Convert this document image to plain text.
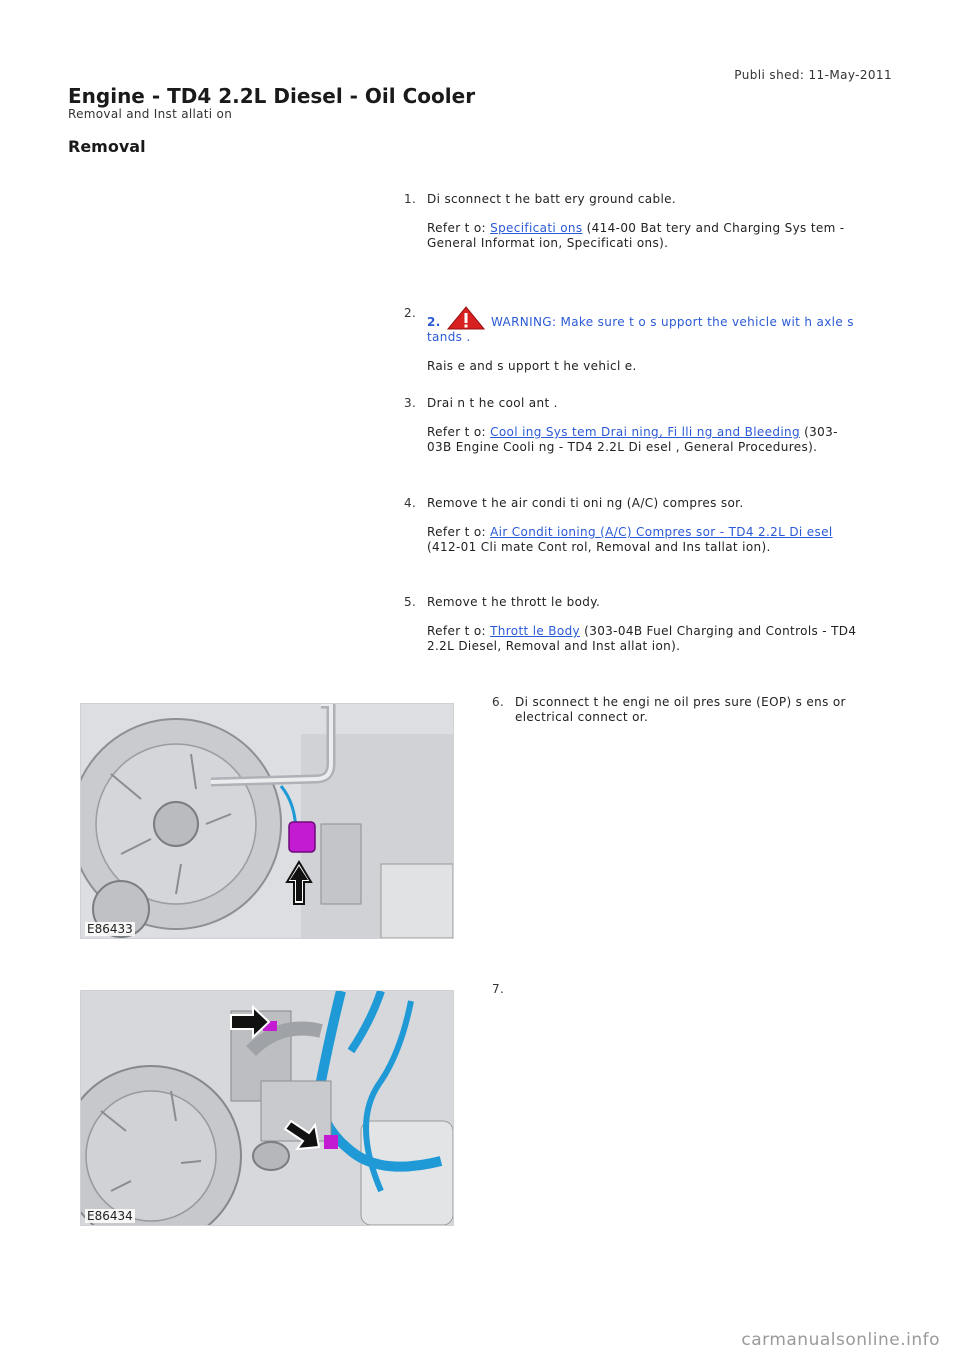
Publi shed: 11-May-2011
Engine - TD4 2.2L Diesel - Oil Cooler
Removal and Inst allati on
Removal
1. Di sconnect t he batt ery ground cable.

Refer t o: Specificati ons (414-00 Bat tery and Charging Sys tem - General Informat ion, Specificati ons).

2.

2.	WARNING: Make sure t o s upport the vehicle wit h axle s tands .

Rais e and s upport t he vehicl e.

3. Drai n t he cool ant .

Refer t o: Cool ing Sys tem Drai ning, Fi lli ng and Bleeding (303-03B Engine Cooli ng - TD4 2.2L Di esel , General Procedures).

4. Remove t he air condi ti oni ng (A/C) compres sor.

Refer t o: Air Condit ioning (A/C) Compres sor - TD4 2.2L Di esel
(412-01 Cli mate Cont rol, Removal and Ins tallat ion).

5. Remove t he thrott le body.

Refer t o: Thrott le Body (303-04B Fuel Charging and Controls - TD4 2.2L Diesel, Removal and Inst allat ion).

6. Di sconnect t he engi ne oil pres sure (EOP) s ens or electrical connect or.

E86433
7.

E86434
carmanualsonline.info
